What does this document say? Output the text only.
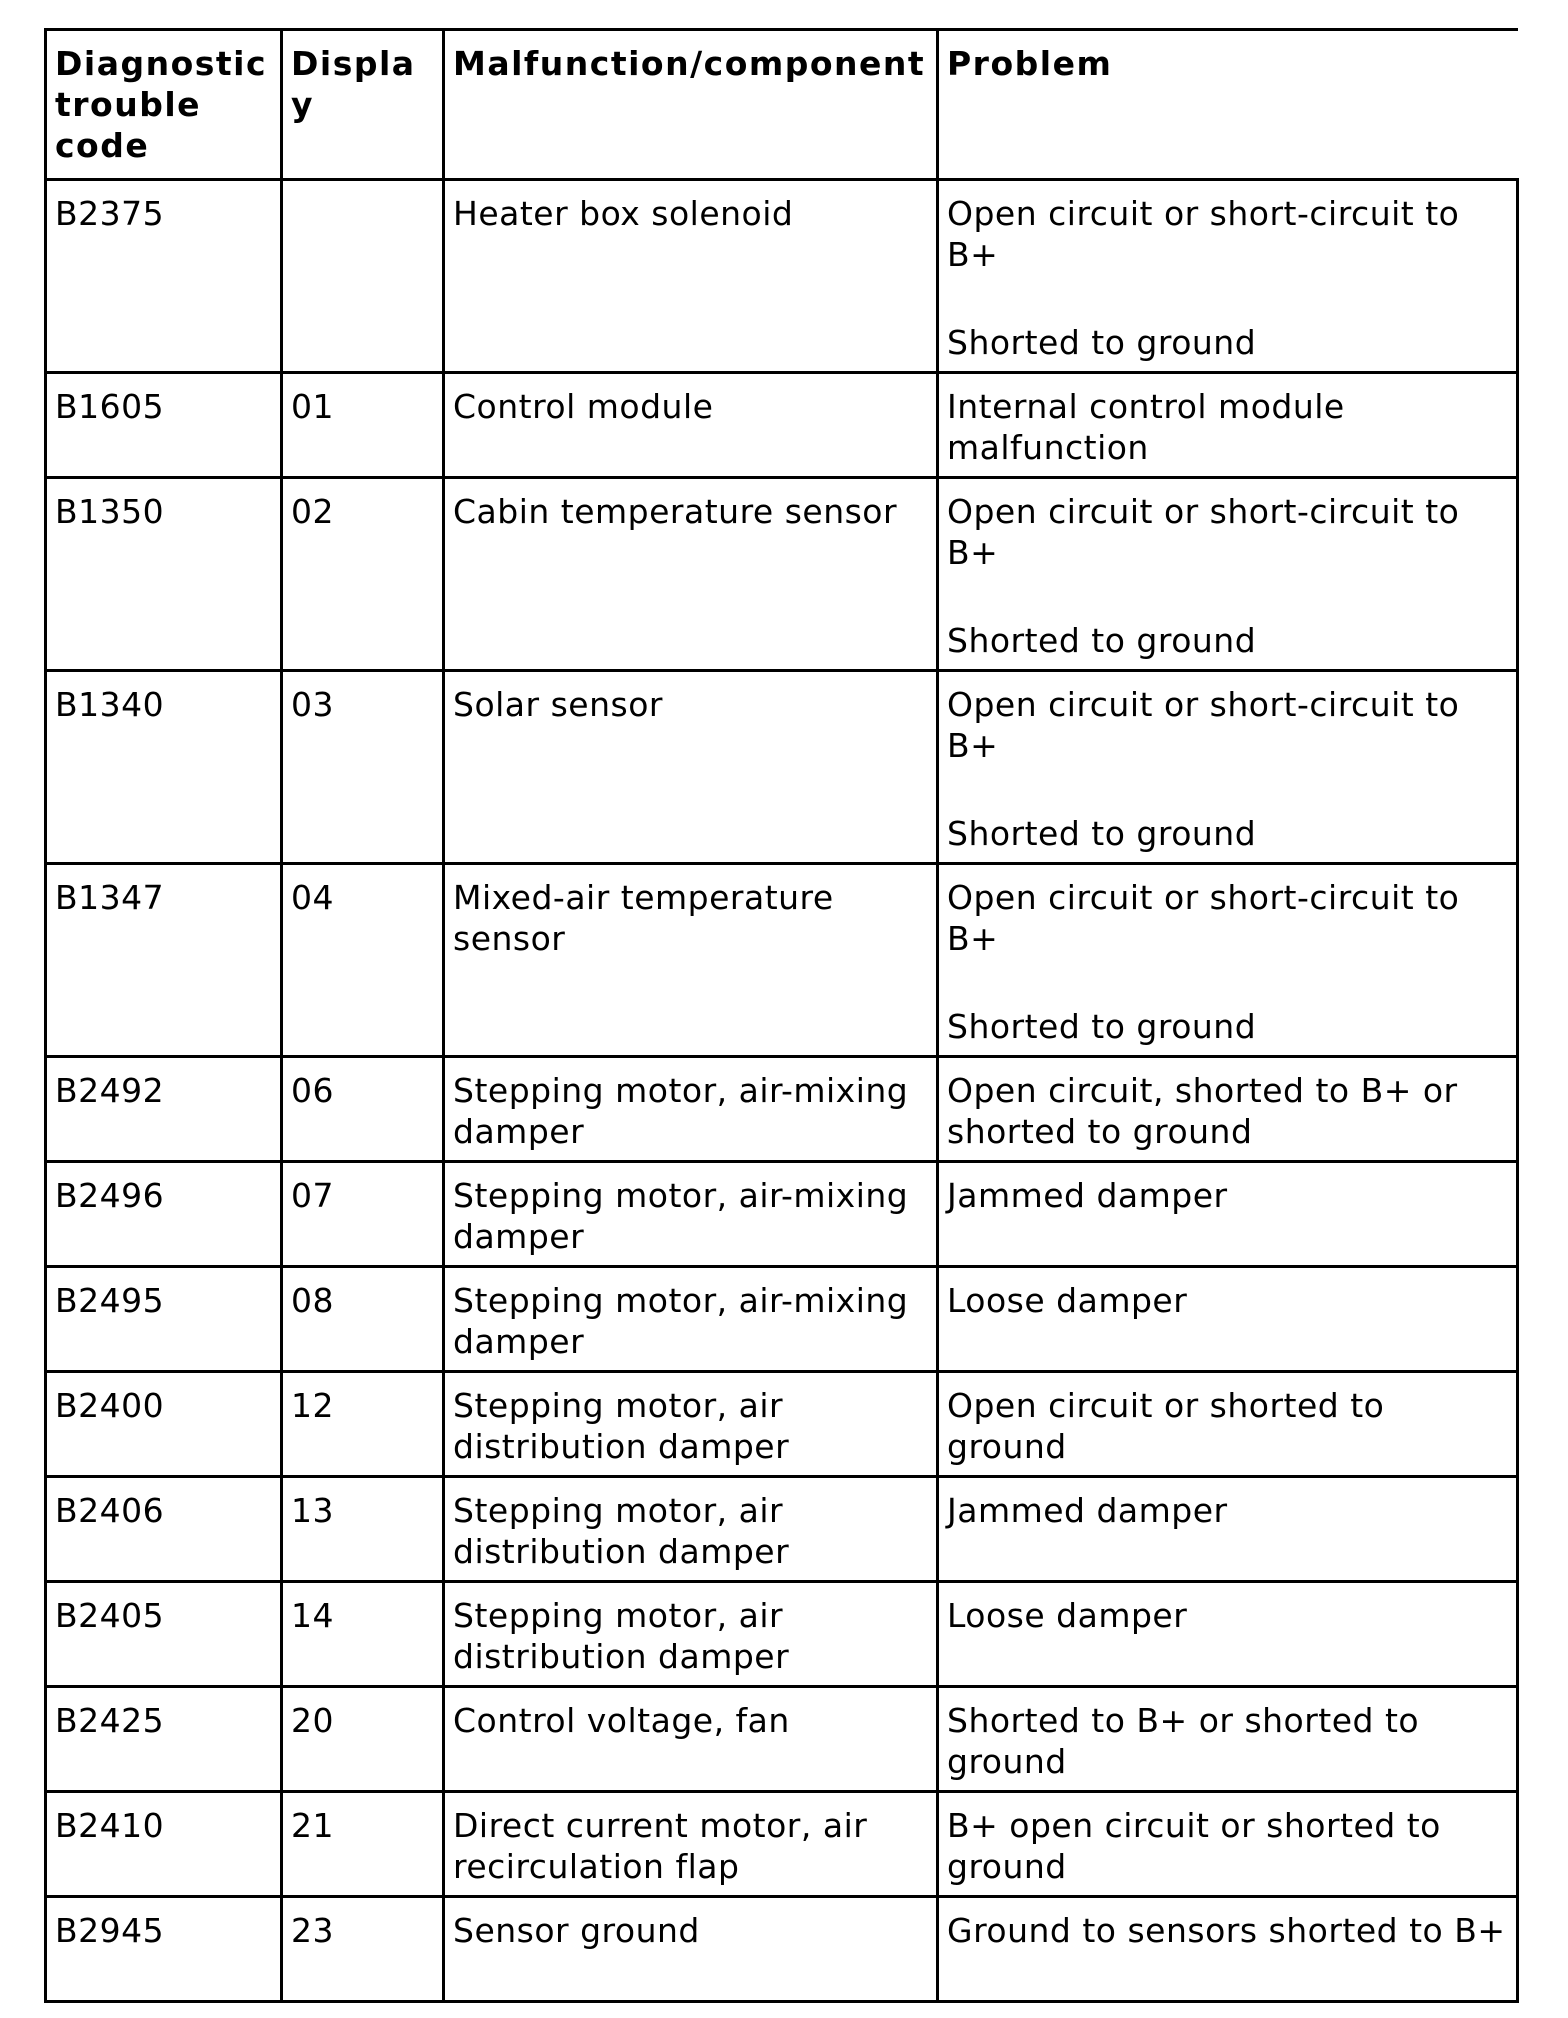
Diagnostic trouble code	Display	Malfunction/component	Problem
B2375		Heater box solenoid	Open circuit or short-circuit to B+
Shorted to ground

B1605	01	Control module	Internal control module malfunction

B1350	02	Cabin temperature sensor	Open circuit or short-circuit to B+
Shorted to ground

B1340	03	Solar sensor	Open circuit or short-circuit to B+
Shorted to ground

B1347	04	Mixed-air temperature sensor	Open circuit or short-circuit to B+
Shorted to ground

B2492	06	Stepping motor, air-mixing damper	Open circuit, shorted to B+ or shorted to ground

B2496	07	Stepping motor, air-mixing damper	Jammed damper

B2495	08	Stepping motor, air-mixing damper	Loose damper

B2400	12	Stepping motor, air distribution damper	Open circuit or shorted to ground

B2406	13	Stepping motor, air distribution damper	Jammed damper

B2405	14	Stepping motor, air distribution damper	Loose damper

B2425	20	Control voltage, fan	Shorted to B+ or shorted to ground

B2410	21	Direct current motor, air recirculation flap	B+ open circuit or shorted to ground

B2945	23	Sensor ground	Ground to sensors shorted to B+
